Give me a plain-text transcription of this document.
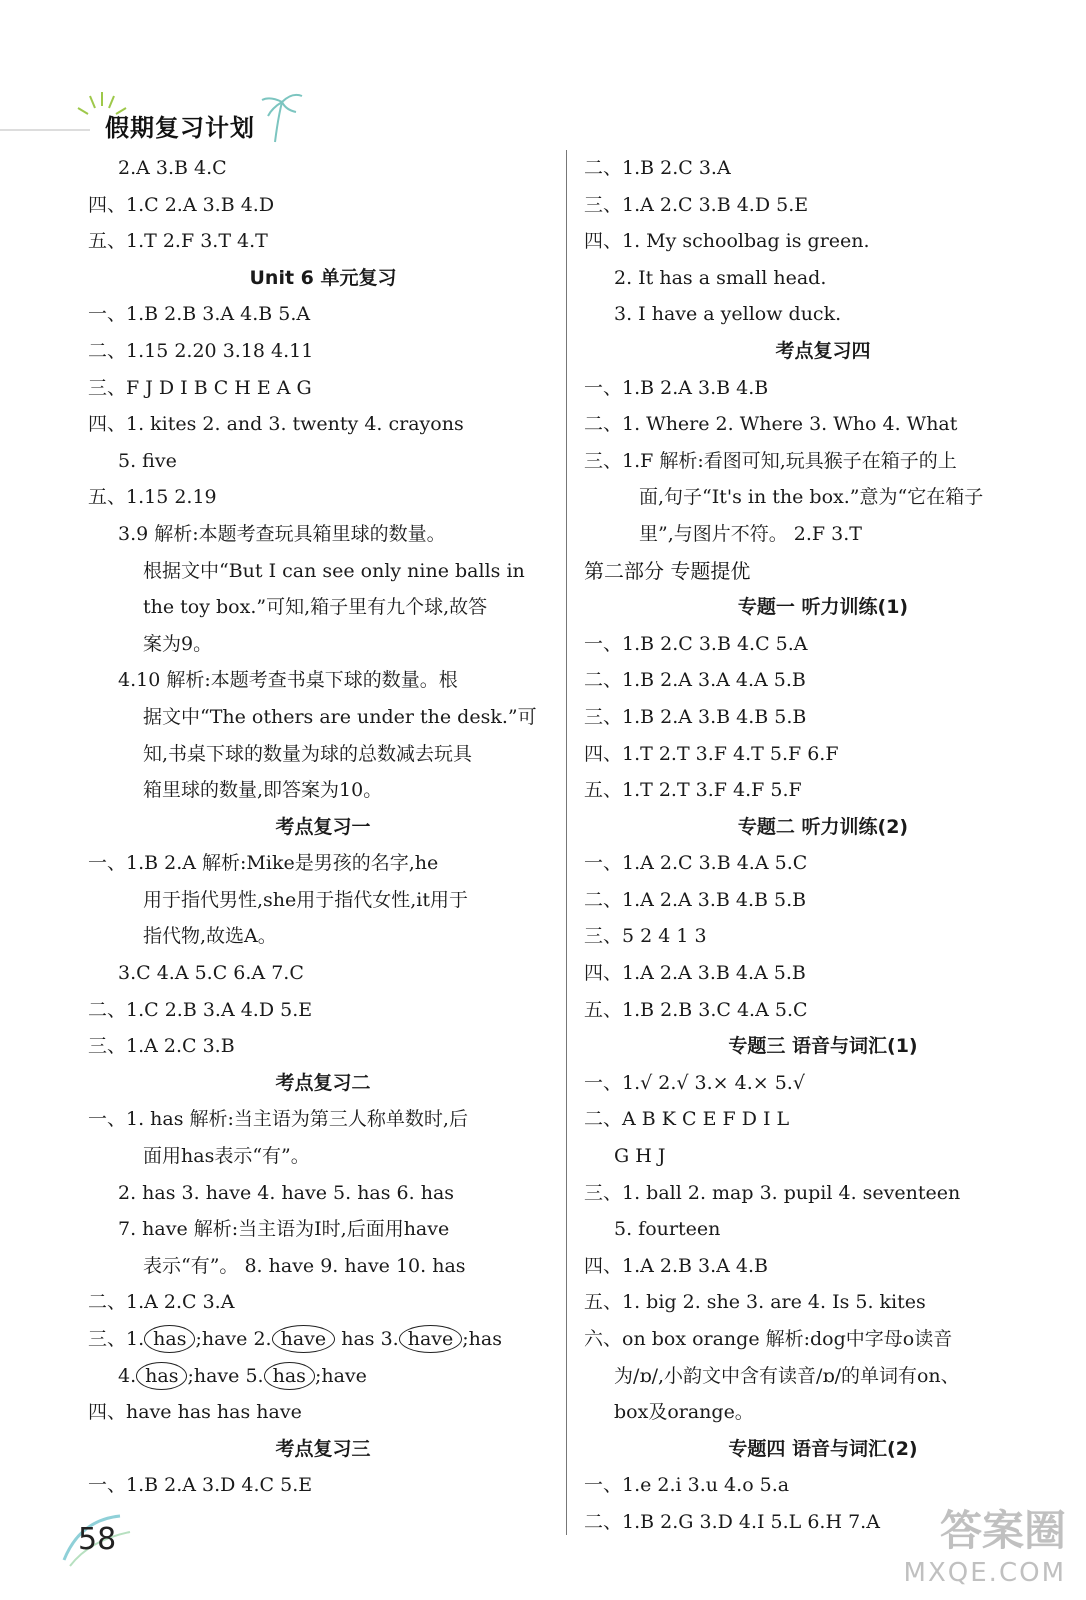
假期复习计划
2.A 3.B 4.C
四、1.C 2.A 3.B 4.D
五、1.T 2.F 3.T 4.T
Unit 6 单元复习
一、1.B 2.B 3.A 4.B 5.A
二、1.15 2.20 3.18 4.11
三、F J D I B C H E A G
四、1. kites 2. and 3. twenty 4. crayons
5. five
五、1.15 2.19
3.9 解析:本题考查玩具箱里球的数量。
根据文中“But I can see only nine balls in
the toy box.”可知,箱子里有九个球,故答
案为9。
4.10 解析:本题考查书桌下球的数量。根
据文中“The others are under the desk.”可
知,书桌下球的数量为球的总数减去玩具
箱里球的数量,即答案为10。
考点复习一
一、1.B 2.A 解析:Mike是男孩的名字,he
用于指代男性,she用于指代女性,it用于
指代物,故选A。
3.C 4.A 5.C 6.A 7.C
二、1.C 2.B 3.A 4.D 5.E
三、1.A 2.C 3.B
考点复习二
一、1. has 解析:当主语为第三人称单数时,后
面用has表示“有”。
2. has 3. have 4. have 5. has 6. has
7. have 解析:当主语为I时,后面用have
表示“有”。 8. have 9. have 10. has
二、1.A 2.C 3.A
三、1. has ;have 2. have has 3. have ;has
4. has ;have 5. has ;have
四、have has has have
考点复习三
一、1.B 2.A 3.D 4.C 5.E
二、1.B 2.C 3.A
三、1.A 2.C 3.B 4.D 5.E
四、1. My schoolbag is green.
2. It has a small head.
3. I have a yellow duck.
考点复习四
一、1.B 2.A 3.B 4.B
二、1. Where 2. Where 3. Who 4. What
三、1.F 解析:看图可知,玩具猴子在箱子的上
面,句子“It's in the box.”意为“它在箱子
里”,与图片不符。 2.F 3.T
第二部分 专题提优
专题一 听力训练(1)
一、1.B 2.C 3.B 4.C 5.A
二、1.B 2.A 3.A 4.A 5.B
三、1.B 2.A 3.B 4.B 5.B
四、1.T 2.T 3.F 4.T 5.F 6.F
五、1.T 2.T 3.F 4.F 5.F
专题二 听力训练(2)
一、1.A 2.C 3.B 4.A 5.C
二、1.A 2.A 3.B 4.B 5.B
三、5 2 4 1 3
四、1.A 2.A 3.B 4.A 5.B
五、1.B 2.B 3.C 4.A 5.C
专题三 语音与词汇(1)
一、1.√ 2.√ 3.× 4.× 5.√
二、A B K C E F D I L
G H J
三、1. ball 2. map 3. pupil 4. seventeen
5. fourteen
四、1.A 2.B 3.A 4.B
五、1. big 2. she 3. are 4. Is 5. kites
六、on box orange 解析:dog中字母o读音
为/ɒ/,小韵文中含有读音/ɒ/的单词有on、
box及orange。
专题四 语音与词汇(2)
一、1.e 2.i 3.u 4.o 5.a
二、1.B 2.G 3.D 4.I 5.L 6.H 7.A
58	答案圈
MXQE.COM
